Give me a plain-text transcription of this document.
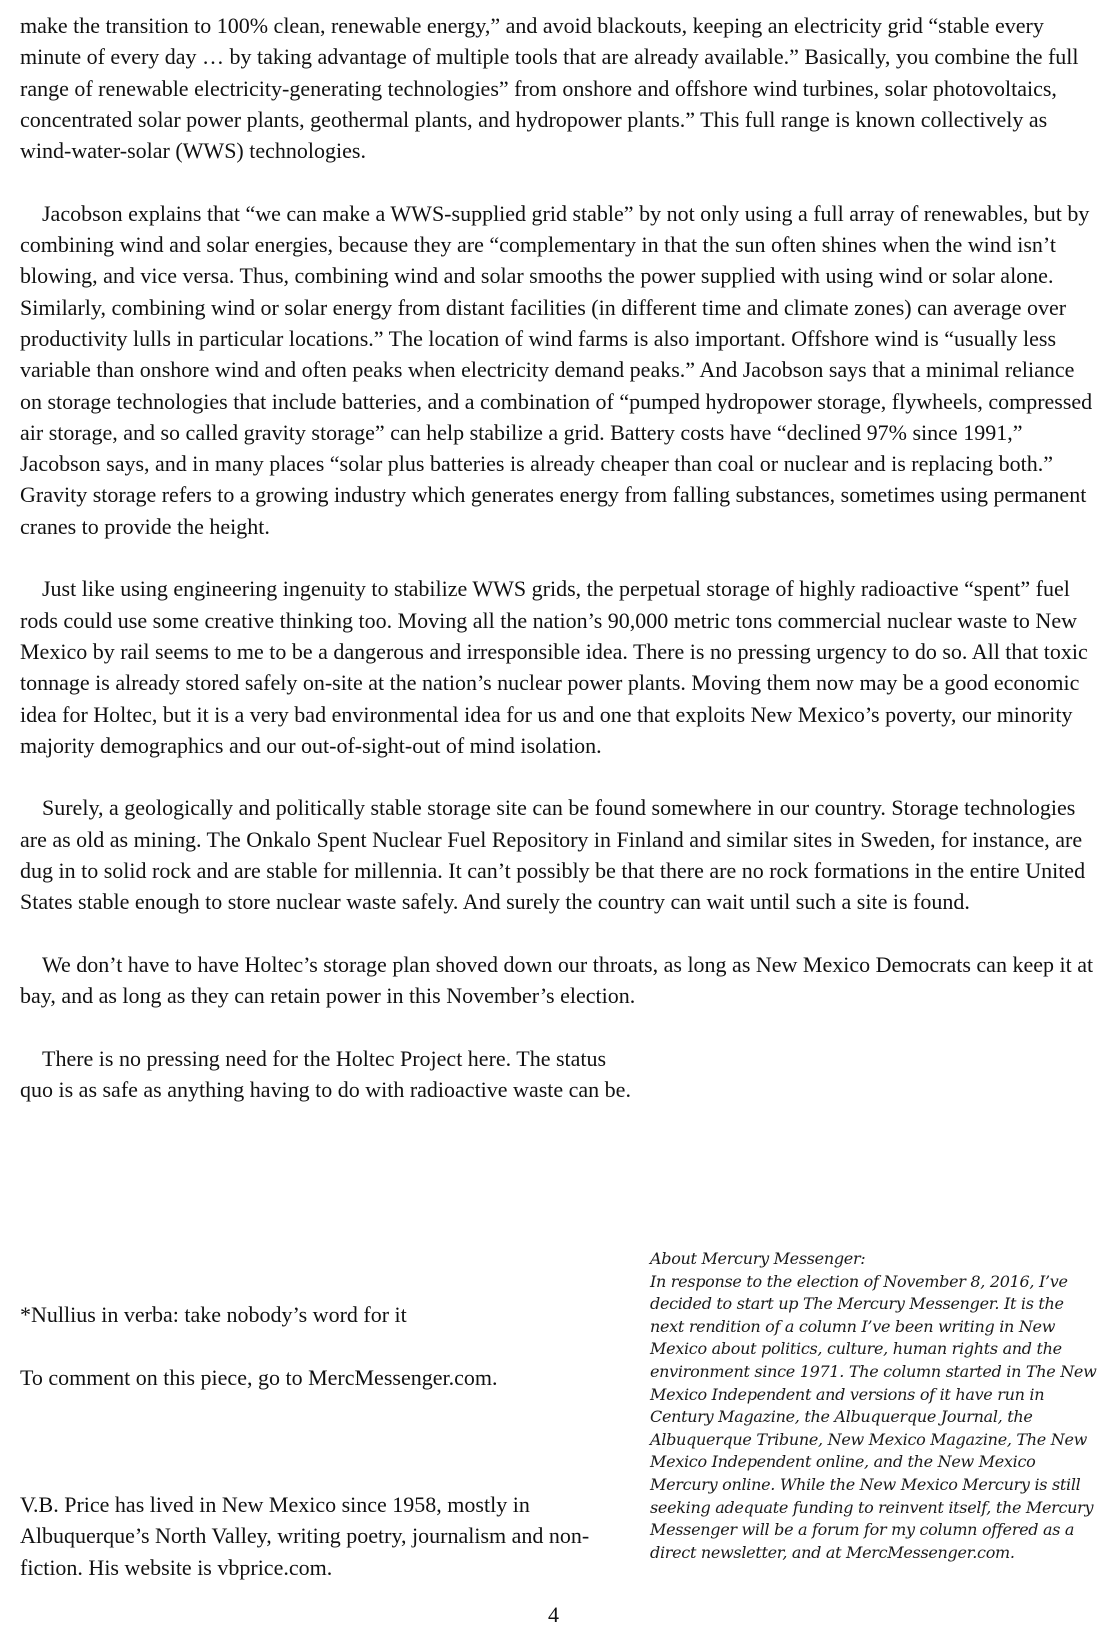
make the transition to 100% clean, renewable energy,” and avoid blackouts, keeping an electricity grid “stable every minute of every day … by taking advantage of multiple tools that are already available.” Basically, you combine the full range of renewable electricity-generating technologies” from onshore and offshore wind turbines, solar photovoltaics, concentrated solar power plants, geothermal plants, and hydropower plants.” This full range is known collectively as wind-water-solar (WWS) technologies.

Jacobson explains that “we can make a WWS-supplied grid stable” by not only using a full array of renewables, but by combining wind and solar energies, because they are “complementary in that the sun often shines when the wind isn’t blowing, and vice versa. Thus, combining wind and solar smooths the power supplied with using wind or solar alone. Similarly, combining wind or solar energy from distant facilities (in different time and climate zones) can average over productivity lulls in particular locations.” The location of wind farms is also important. Offshore wind is “usually less variable than onshore wind and often peaks when electricity demand peaks.” And Jacobson says that a minimal reliance on storage technologies that include batteries, and a combination of “pumped hydropower storage, flywheels, compressed air storage, and so called gravity storage” can help stabilize a grid. Battery costs have “declined 97% since 1991,” Jacobson says, and in many places “solar plus batteries is already cheaper than coal or nuclear and is replacing both.” Gravity storage refers to a growing industry which generates energy from falling substances, sometimes using permanent cranes to provide the height.

Just like using engineering ingenuity to stabilize WWS grids, the perpetual storage of highly radioactive “spent” fuel rods could use some creative thinking too. Moving all the nation’s 90,000 metric tons commercial nuclear waste to New Mexico by rail seems to me to be a dangerous and irresponsible idea. There is no pressing urgency to do so. All that toxic tonnage is already stored safely on-site at the nation’s nuclear power plants. Moving them now may be a good economic idea for Holtec, but it is a very bad environmental idea for us and one that exploits New Mexico’s poverty, our minority majority demographics and our out-of-sight-out of mind isolation.

Surely, a geologically and politically stable storage site can be found somewhere in our country. Storage technologies are as old as mining. The Onkalo Spent Nuclear Fuel Repository in Finland and similar sites in Sweden, for instance, are dug in to solid rock and are stable for millennia. It can’t possibly be that there are no rock formations in the entire United States stable enough to store nuclear waste safely. And surely the country can wait until such a site is found.

We don’t have to have Holtec’s storage plan shoved down our throats, as long as New Mexico Democrats can keep it at bay, and as long as they can retain power in this November’s election.

There is no pressing need for the Holtec Project here. The status quo is as safe as anything having to do with radioactive waste can be.

*Nullius in verba: take nobody’s word for it
To comment on this piece, go to MercMessenger.com.
V.B. Price has lived in New Mexico since 1958, mostly in Albuquerque’s North Valley, writing poetry, journalism and non-fiction. His website is vbprice.com.
About Mercury Messenger:
In response to the election of November 8, 2016, I’ve decided to start up The Mercury Messenger. It is the next rendition of a column I’ve been writing in New Mexico about politics, culture, human rights and the environment since 1971. The column started in The New Mexico Independent and versions of it have run in Century Magazine, the Albuquerque Journal, the Albuquerque Tribune, New Mexico Magazine, The New Mexico Independent online, and the New Mexico Mercury online. While the New Mexico Mercury is still seeking adequate funding to reinvent itself, the Mercury Messenger will be a forum for my column offered as a direct newsletter, and at MercMessenger.com.
4
